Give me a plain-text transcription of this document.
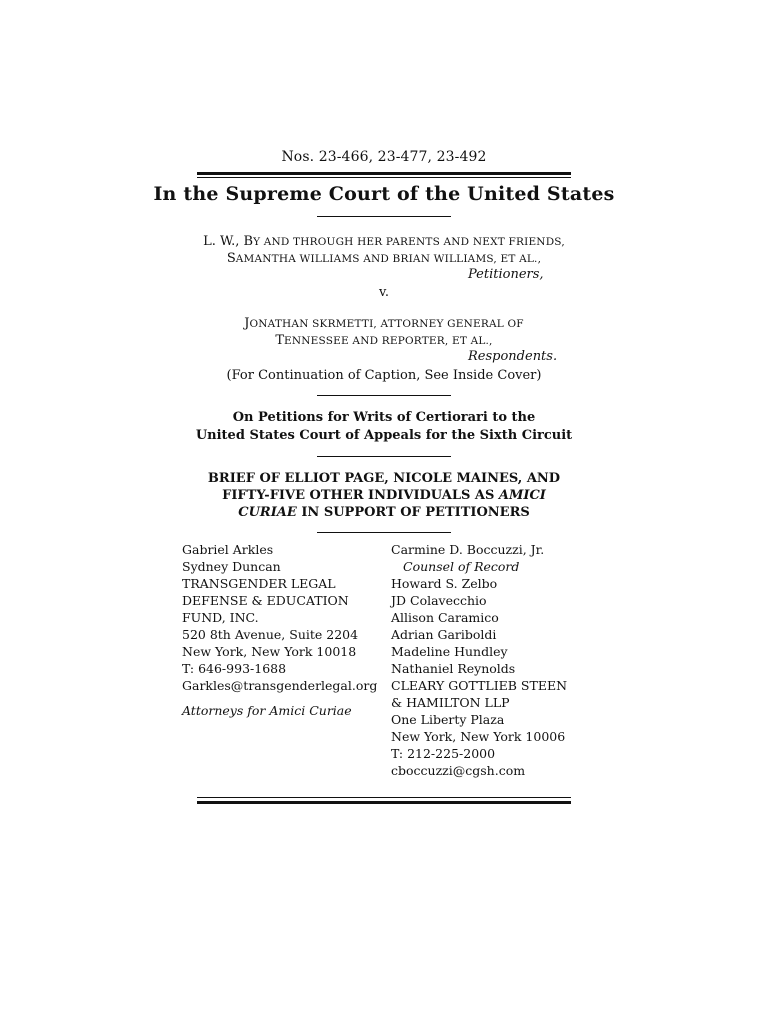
Nos. 23-466, 23-477, 23-492
In the Supreme Court of the United States
L. W., BY AND THROUGH HER PARENTS AND NEXT FRIENDS,
SAMANTHA WILLIAMS AND BRIAN WILLIAMS, ET AL.,
Petitioners,
v.
JONATHAN SKRMETTI, ATTORNEY GENERAL OF
TENNESSEE AND REPORTER, ET AL.,
Respondents.
(For Continuation of Caption, See Inside Cover)
On Petitions for Writs of Certiorari to the
United States Court of Appeals for the Sixth Circuit
BRIEF OF ELLIOT PAGE, NICOLE MAINES, AND
FIFTY-FIVE OTHER INDIVIDUALS AS AMICI
CURIAE IN SUPPORT OF PETITIONERS
Gabriel Arkles
Sydney Duncan
TRANSGENDER LEGAL
DEFENSE & EDUCATION
FUND, INC.
520 8th Avenue, Suite 2204
New York, New York 10018
T: 646-993-1688
Garkles@transgenderlegal.org
Attorneys for Amici Curiae
Carmine D. Boccuzzi, Jr.
Counsel of Record
Howard S. Zelbo
JD Colavecchio
Allison Caramico
Adrian Gariboldi
Madeline Hundley
Nathaniel Reynolds
CLEARY GOTTLIEB STEEN
& HAMILTON LLP
One Liberty Plaza
New York, New York 10006
T: 212-225-2000
cboccuzzi@cgsh.com
